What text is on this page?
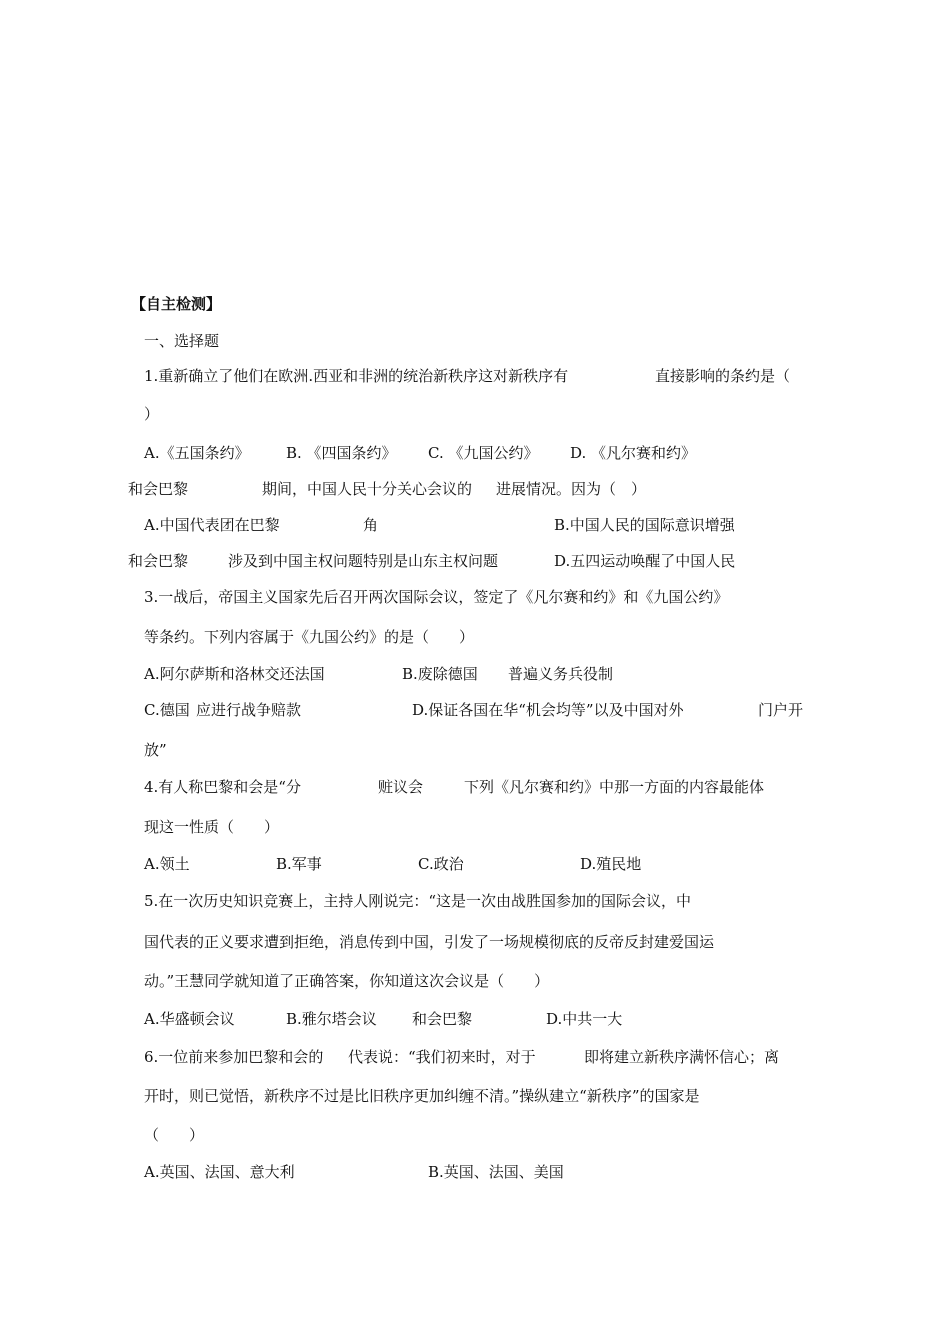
【自主检测】
一、选择题
1.重新确立了他们在欧洲.西亚和非洲的统治新秩序这对新秩序有	直接影响的条约是（
）
A.《五国条约》 B. 《四国条约》 C. 《九国公约》 D. 《凡尔赛和约》
和会巴黎	期间，中国人民十分关心会议的 进展情况。因为（　）
A.中国代表团在巴黎	角	B.中国人民的国际意识增强
和会巴黎	涉及到中国主权问题特别是山东主权问题	D.五四运动唤醒了中国人民
3.一战后，帝国主义国家先后召开两次国际会议，签定了《凡尔赛和约》和《九国公约》
等条约。下列内容属于《九国公约》的是（　　）
A.阿尔萨斯和洛林交还法国	B.废除德国 普遍义务兵役制
C.德国 应进行战争赔款	D.保证各国在华“机会均等”以及中国对外	门户开
放”
4.有人称巴黎和会是“分	赃议会	下列《凡尔赛和约》中那一方面的内容最能体
现这一性质（　　）
A.领土	B.军事	C.政治	D.殖民地
5.在一次历史知识竞赛上，主持人刚说完：“这是一次由战胜国参加的国际会议，中
国代表的正义要求遭到拒绝，消息传到中国，引发了一场规模彻底的反帝反封建爱国运
动。”王慧同学就知道了正确答案，你知道这次会议是（　　）
A.华盛顿会议	B.雅尔塔会议 和会巴黎	D.中共一大
6.一位前来参加巴黎和会的 代表说：“我们初来时，对于	即将建立新秩序满怀信心；离
开时，则已觉悟，新秩序不过是比旧秩序更加纠缠不清。”操纵建立“新秩序”的国家是
（　　）
A.英国、法国、意大利	B.英国、法国、美国
